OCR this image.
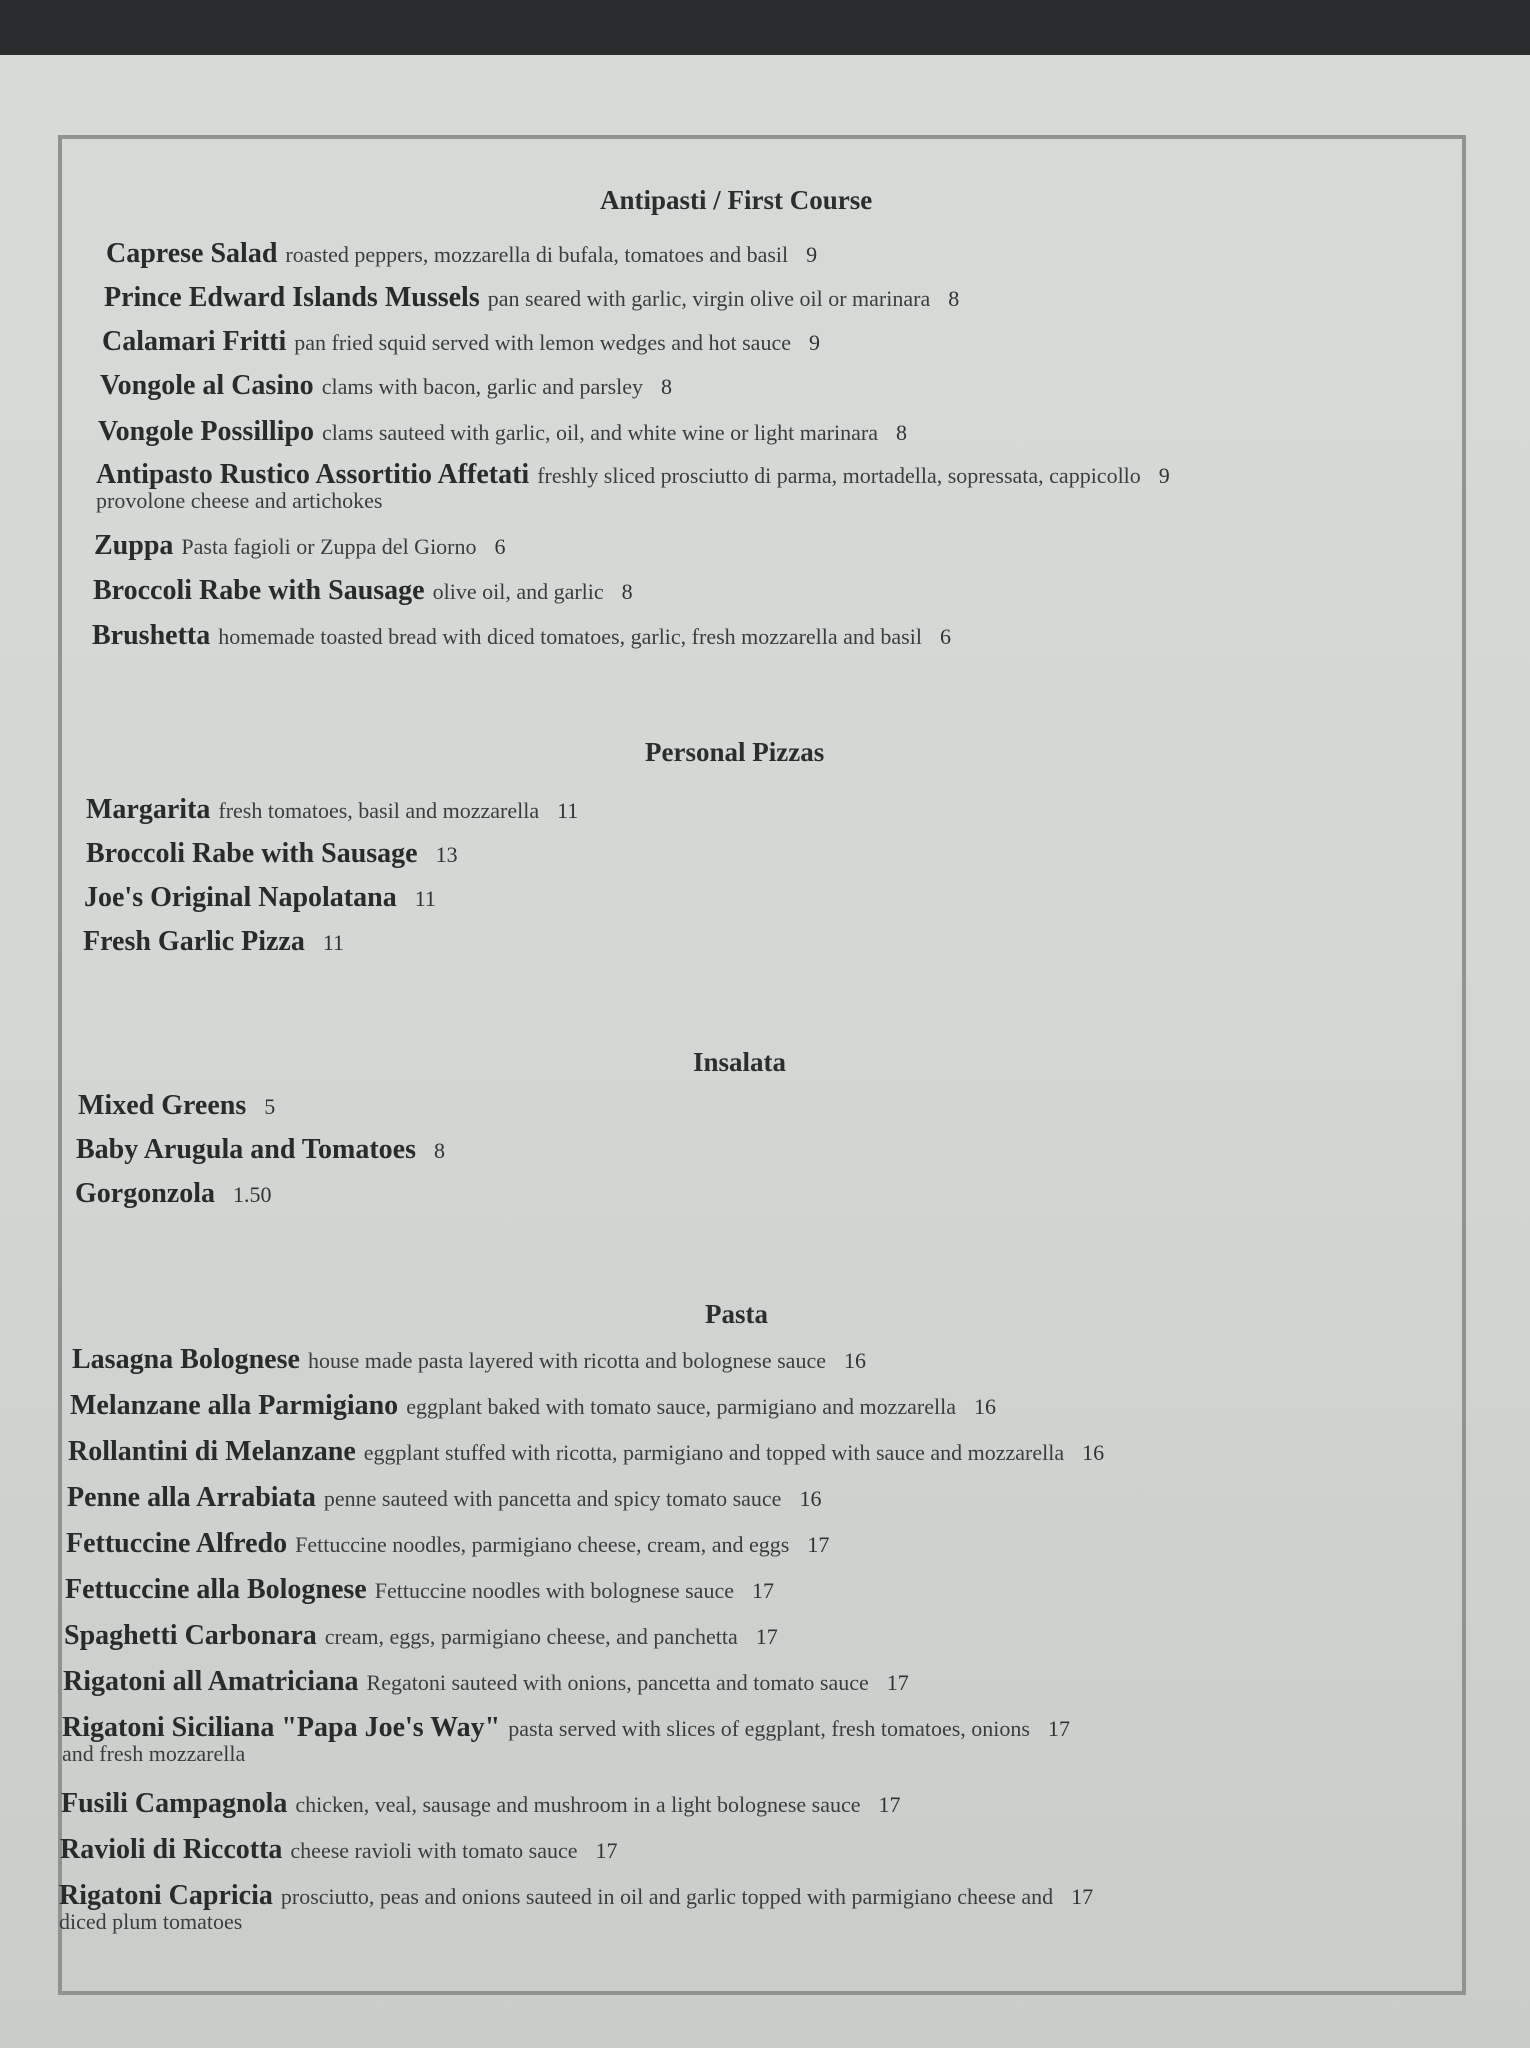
Antipasti / First Course
Caprese Salad roasted peppers, mozzarella di bufala, tomatoes and basil 9
Prince Edward Islands Mussels pan seared with garlic, virgin olive oil or marinara 8
Calamari Fritti pan fried squid served with lemon wedges and hot sauce 9
Vongole al Casino clams with bacon, garlic and parsley 8
Vongole Possillipo clams sauteed with garlic, oil, and white wine or light marinara 8
Antipasto Rustico Assortitio Affetati freshly sliced prosciutto di parma, mortadella, sopressata, cappicollo 9
provolone cheese and artichokes
Zuppa Pasta fagioli or Zuppa del Giorno 6
Broccoli Rabe with Sausage olive oil, and garlic 8
Brushetta homemade toasted bread with diced tomatoes, garlic, fresh mozzarella and basil 6
Personal Pizzas
Margarita fresh tomatoes, basil and mozzarella 11
Broccoli Rabe with Sausage 13
Joe's Original Napolatana 11
Fresh Garlic Pizza 11
Insalata
Mixed Greens 5
Baby Arugula and Tomatoes 8
Gorgonzola 1.50
Pasta
Lasagna Bolognese house made pasta layered with ricotta and bolognese sauce 16
Melanzane alla Parmigiano eggplant baked with tomato sauce, parmigiano and mozzarella 16
Rollantini di Melanzane eggplant stuffed with ricotta, parmigiano and topped with sauce and mozzarella 16
Penne alla Arrabiata penne sauteed with pancetta and spicy tomato sauce 16
Fettuccine Alfredo Fettuccine noodles, parmigiano cheese, cream, and eggs 17
Fettuccine alla Bolognese Fettuccine noodles with bolognese sauce 17
Spaghetti Carbonara cream, eggs, parmigiano cheese, and panchetta 17
Rigatoni all Amatriciana Regatoni sauteed with onions, pancetta and tomato sauce 17
Rigatoni Siciliana "Papa Joe's Way" pasta served with slices of eggplant, fresh tomatoes, onions 17
and fresh mozzarella
Fusili Campagnola chicken, veal, sausage and mushroom in a light bolognese sauce 17
Ravioli di Riccotta cheese ravioli with tomato sauce 17
Rigatoni Capricia prosciutto, peas and onions sauteed in oil and garlic topped with parmigiano cheese and 17
diced plum tomatoes
